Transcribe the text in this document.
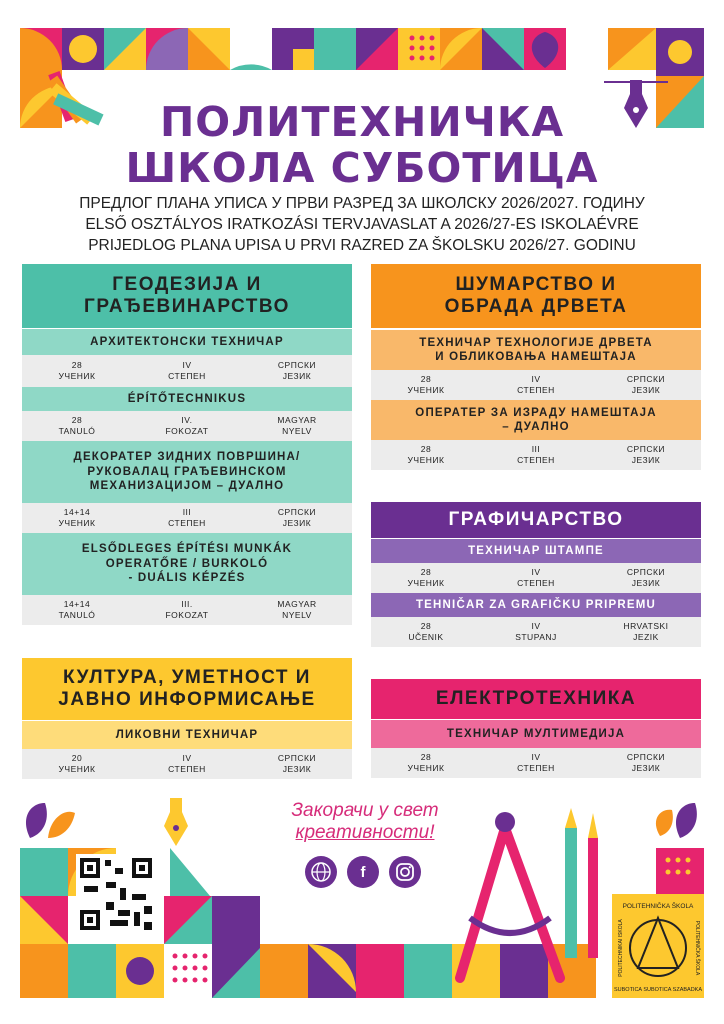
ПОЛИТЕХНИЧКА
ШКОЛА СУБОТИЦА
ПРЕДЛОГ ПЛАНА УПИСА У ПРВИ РАЗРЕД ЗА ШКОЛСКУ 2026/2027. ГОДИНУ
ELSŐ OSZTÁLYOS IRATKOZÁSI TERVJAVASLAT A 2026/27-ES ISKOLAÉVRE
PRIJEDLOG PLANA UPISA U PRVI RAZRED ZA ŠKOLSKU 2026/27. GODINU
ГЕОДЕЗИЈА И ГРАЂЕВИНАРСТВО
АРХИТЕКТОНСКИ ТЕХНИЧАР
28
УЧЕНИК
IV
СТЕПЕН
СРПСКИ
ЈЕЗИК
ÉPÍTŐTECHNIKUS
28
TANULÓ
IV.
FOKOZAT
MAGYAR
NYELV
ДЕКОРАТЕР ЗИДНИХ ПОВРШИНА/
РУКОВАЛАЦ ГРАЂЕВИНСКОМ
МЕХАНИЗАЦИЈОМ – ДУАЛНО
14+14
УЧЕНИК
III
СТЕПЕН
СРПСКИ
ЈЕЗИК
ELSŐDLEGES ÉPÍTÉSI MUNKÁK
OPERATŐRE / BURKOLÓ
- DUÁLIS KÉPZÉS
14+14
TANULÓ
III.
FOKOZAT
MAGYAR
NYELV
ШУМАРСТВО И ОБРАДА ДРВЕТА
ТЕХНИЧАР ТЕХНОЛОГИЈЕ ДРВЕТА
И ОБЛИКОВАЊА НАМЕШТАЈА
28
УЧЕНИК
IV
СТЕПЕН
СРПСКИ
ЈЕЗИК
ОПЕРАТЕР ЗА ИЗРАДУ НАМЕШТАЈА
– ДУАЛНО
28
УЧЕНИК
III
СТЕПЕН
СРПСКИ
ЈЕЗИК
ГРАФИЧАРСТВО
ТЕХНИЧАР ШТАМПЕ
28
УЧЕНИК
IV
СТЕПЕН
СРПСКИ
ЈЕЗИК
TEHNIČAR ZA GRAFIČKU PRIPREMU
28
UČENIK
IV
STUPANJ
HRVATSKI
JEZIK
КУЛТУРА, УМЕТНОСТ И
ЈАВНО ИНФОРМИСАЊЕ
ЛИКОВНИ ТЕХНИЧАР
20
УЧЕНИК
IV
СТЕПЕН
СРПСКИ
ЈЕЗИК
ЕЛЕКТРОТЕХНИКА
ТЕХНИЧАР МУЛТИМЕДИЈА
28
УЧЕНИК
IV
СТЕПЕН
СРПСКИ
ЈЕЗИК
POLITEHNIČKA ŠKOLA
POLITECHNIKAI ISKOLA	POLITEHNIČKA ŠKOLA
SUBOTICA SUBOTICA SZABADKA
Закорачи у свет
креативности!
f
